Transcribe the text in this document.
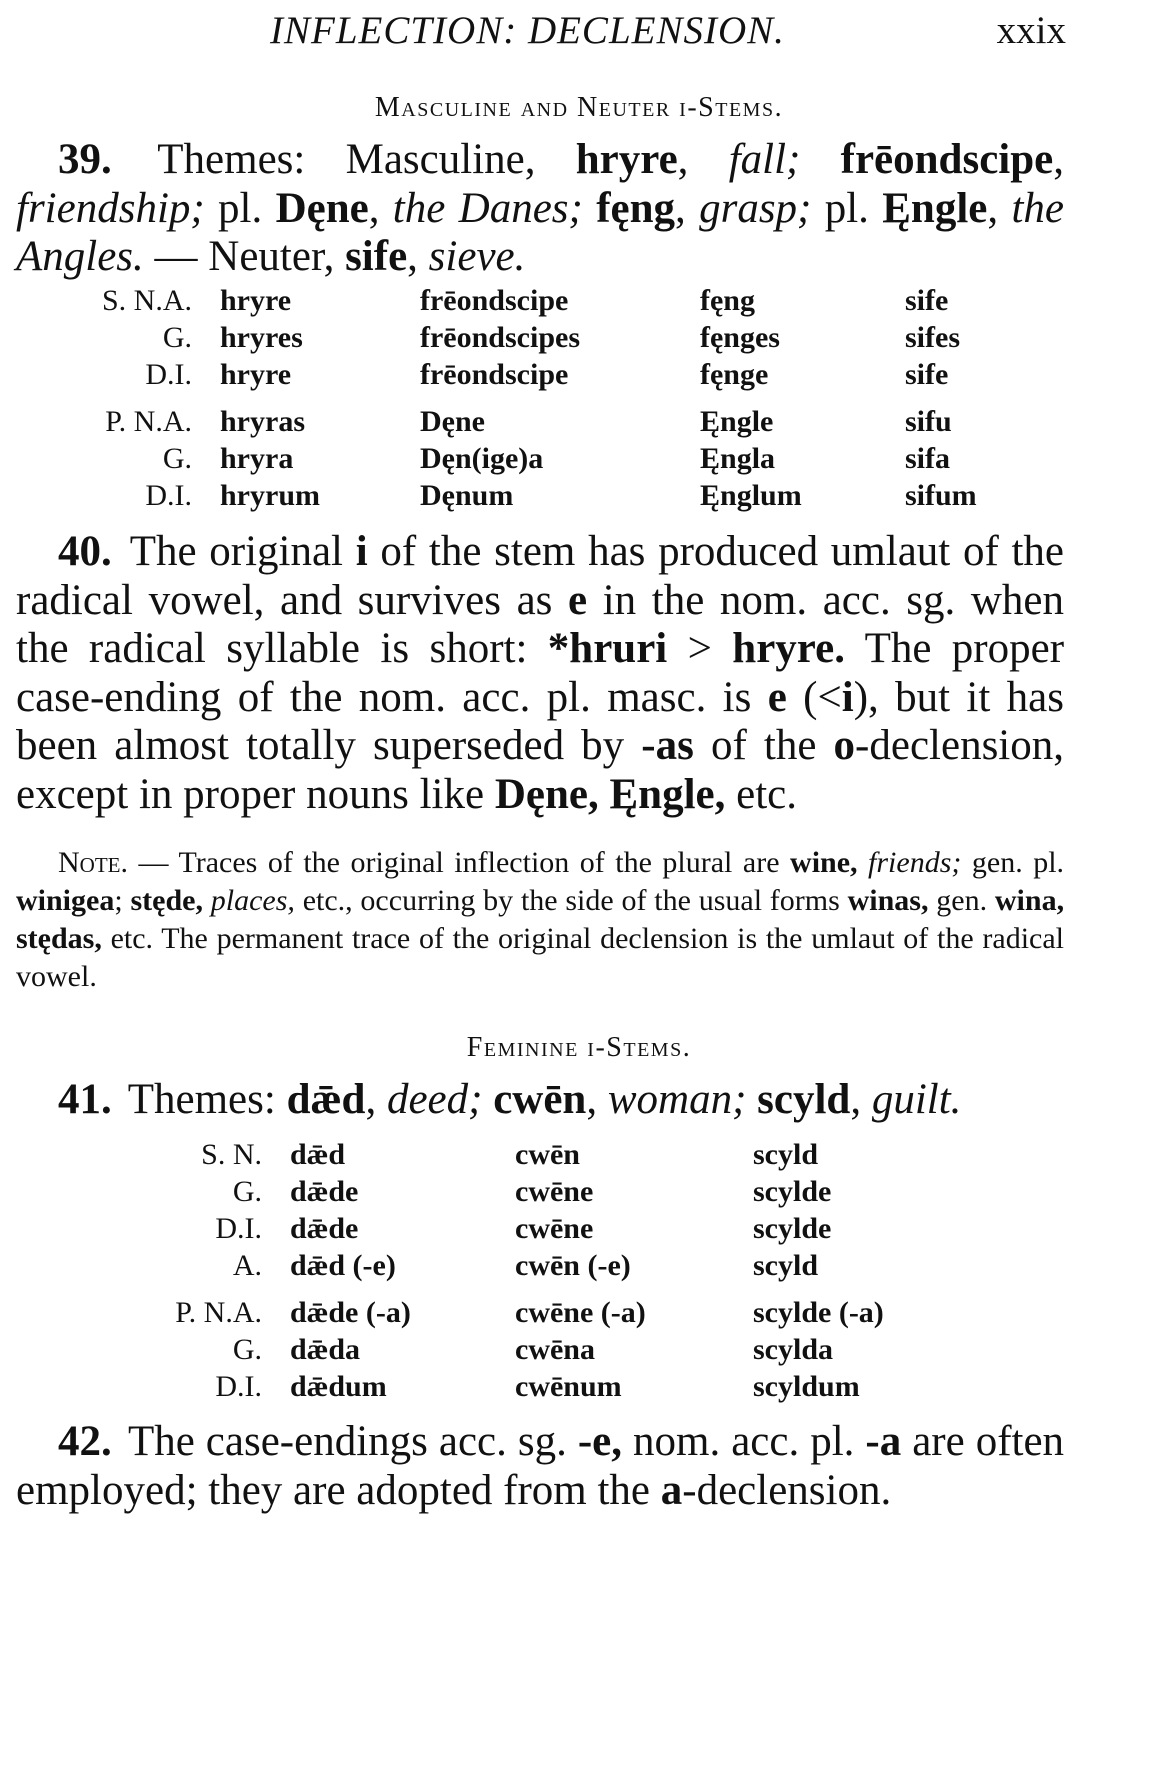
INFLECTION: DECLENSION.	xxix
Masculine and Neuter i-Stems.
39. Themes: Masculine, hryre, fall; frēondscipe, friendship; pl. Dęne, the Danes; fęng, grasp; pl. Ęngle, the Angles. — Neuter, sife, sieve.
S. N.A.	hryre	frēondscipe	fęng	sife
G.	hryres	frēondscipes	fęnges	sifes
D.I.	hryre	frēondscipe	fęnge	sife
P. N.A.	hryras	Dęne	Ęngle	sifu
G.	hryra	Dęn(ige)a	Ęngla	sifa
D.I.	hryrum	Dęnum	Ęnglum	sifum
40. The original i of the stem has produced umlaut of the radical vowel, and survives as e in the nom. acc. sg. when the radical syllable is short: *hruri > hryre. The proper case-ending of the nom. acc. pl. masc. is e (<i), but it has been almost totally superseded by -as of the o-declension, except in proper nouns like Dęne, Ęngle, etc.
Note. — Traces of the original inflection of the plural are wine, friends; gen. pl. winigea; stęde, places, etc., occurring by the side of the usual forms winas, gen. wina, stędas, etc. The permanent trace of the original declension is the umlaut of the radical vowel.
Feminine i-Stems.
41. Themes: dǣd, deed; cwēn, woman; scyld, guilt.
S. N.	dǣd	cwēn	scyld
G.	dǣde	cwēne	scylde
D.I.	dǣde	cwēne	scylde
A.	dǣd (-e)	cwēn (-e)	scyld
P. N.A.	dǣde (-a)	cwēne (-a)	scylde (-a)
G.	dǣda	cwēna	scylda
D.I.	dǣdum	cwēnum	scyldum
42. The case-endings acc. sg. -e, nom. acc. pl. -a are often employed; they are adopted from the a-declension.
